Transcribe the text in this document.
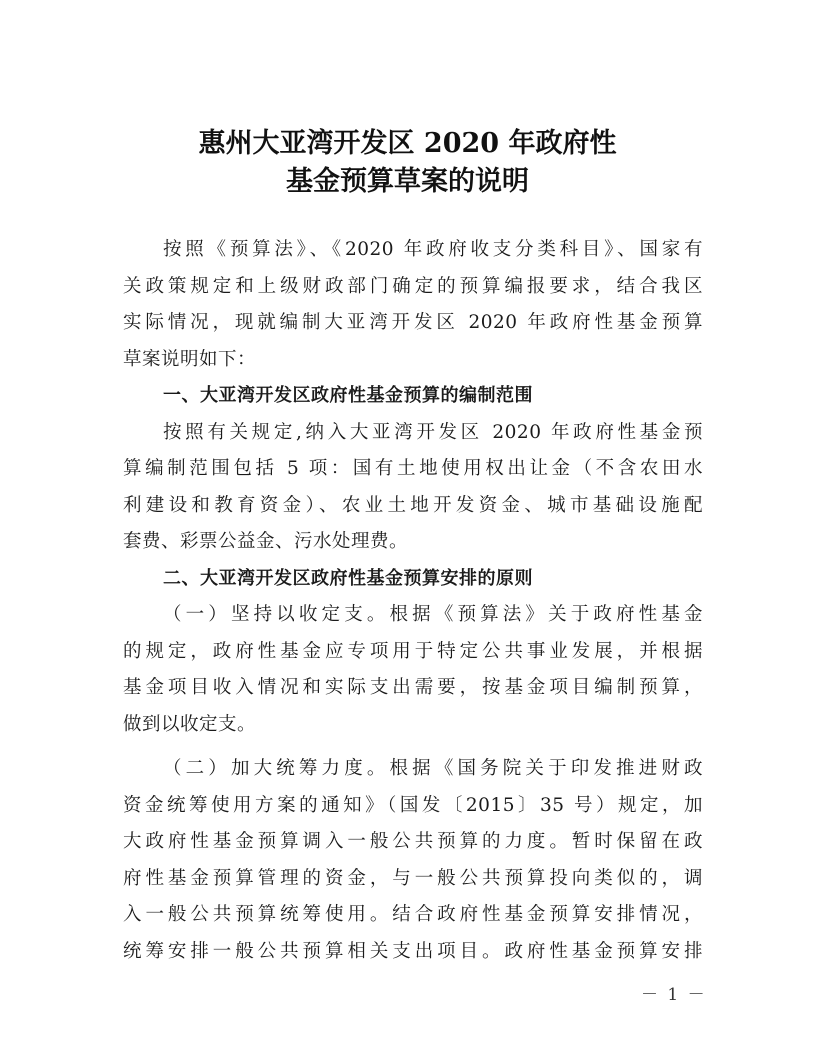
惠州大亚湾开发区 2020 年政府性
基金预算草案的说明
按照《预算法》、《2020 年政府收支分类科目》、国家有
关政策规定和上级财政部门确定的预算编报要求，结合我区
实际情况，现就编制大亚湾开发区 2020 年政府性基金预算
草案说明如下：
一、大亚湾开发区政府性基金预算的编制范围
按照有关规定,纳入大亚湾开发区 2020 年政府性基金预
算编制范围包括 5 项：国有土地使用权出让金（不含农田水
利建设和教育资金）、农业土地开发资金、城市基础设施配
套费、彩票公益金、污水处理费。
二、大亚湾开发区政府性基金预算安排的原则
（一）坚持以收定支。根据《预算法》关于政府性基金
的规定，政府性基金应专项用于特定公共事业发展，并根据
基金项目收入情况和实际支出需要，按基金项目编制预算，
做到以收定支。
（二）加大统筹力度。根据《国务院关于印发推进财政
资金统筹使用方案的通知》（国发〔2015〕35 号）规定，加
大政府性基金预算调入一般公共预算的力度。暂时保留在政
府性基金预算管理的资金，与一般公共预算投向类似的，调
入一般公共预算统筹使用。结合政府性基金预算安排情况，
统筹安排一般公共预算相关支出项目。政府性基金预算安排
－ 1 －
